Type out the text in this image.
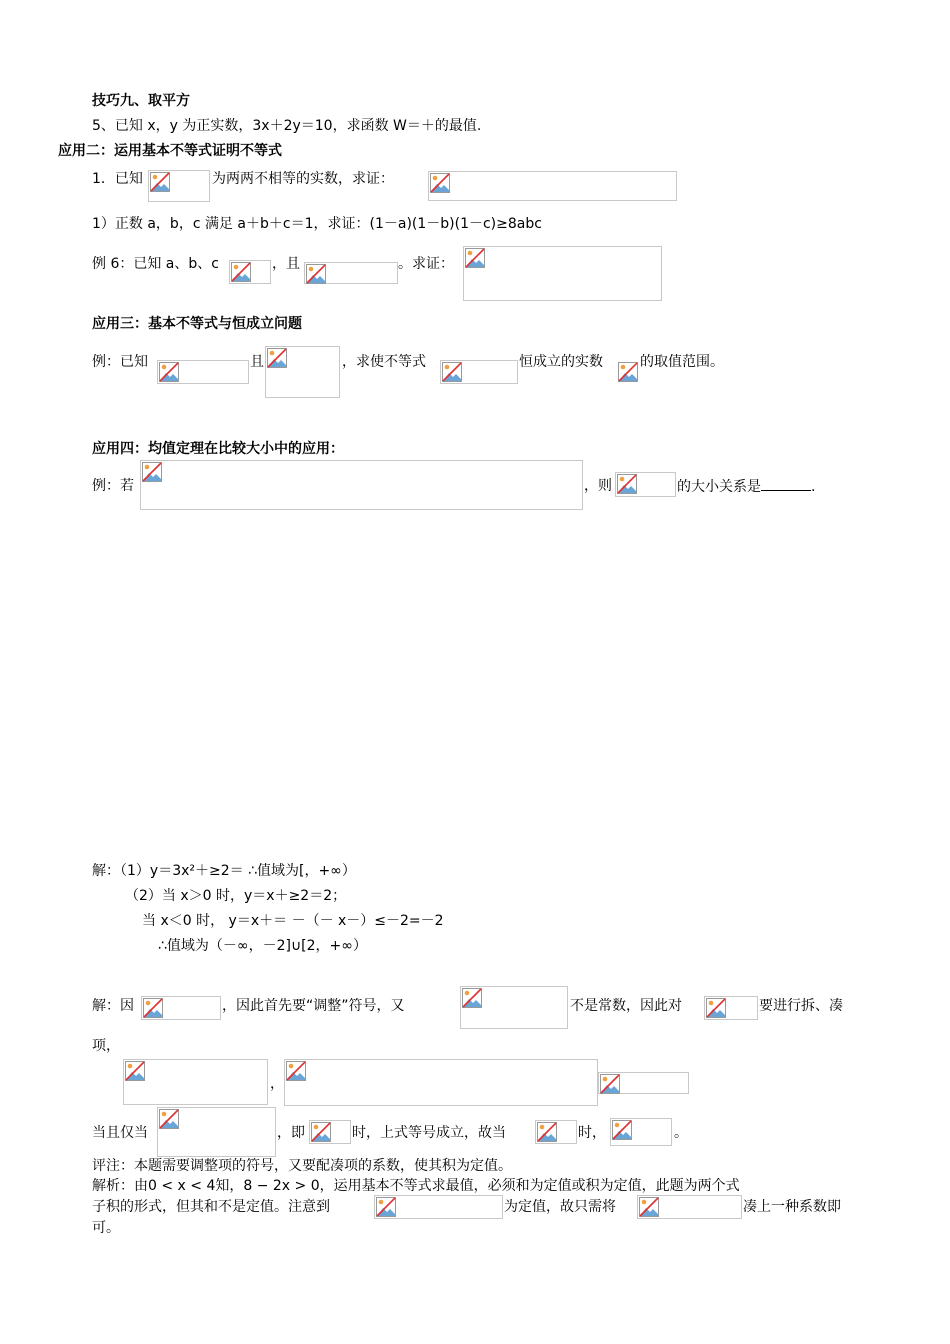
技巧九、取平方
5、已知 x，y 为正实数，3x＋2y＝10，求函数 W＝＋的最值.
应用二：运用基本不等式证明不等式
1．已知	为两两不相等的实数，求证：
1）正数 a，b，c 满足 a＋b＋c＝1，求证：(1－a)(1－b)(1－c)≥8abc
例 6：已知 a、b、c	，且	。求证：
应用三：基本不等式与恒成立问题
例：已知	且	，求使不等式	恒成立的实数	的取值范围。
应用四：均值定理在比较大小中的应用：
例：若	，则	的大小关系是	.
解：（1）y＝3x²＋≥2＝ ∴值域为[，+∞）
（2）当 x＞0 时，y＝x＋≥2＝2；
当 x＜0 时， y＝x＋＝ －（－ x－）≤－2=－2
∴值域为（－∞，－2]∪[2，+∞）
解：因	，因此首先要“调整”符号，又	不是常数，因此对	要进行拆、凑
项，
，
当且仅当	，即	时，上式等号成立，故当	时，	。
评注：本题需要调整项的符号，又要配凑项的系数，使其积为定值。
解析：由0 < x < 4知，8 − 2x > 0，运用基本不等式求最值，必须和为定值或积为定值，此题为两个式
子积的形式，但其和不是定值。注意到	为定值，故只需将	凑上一种系数即
可。
